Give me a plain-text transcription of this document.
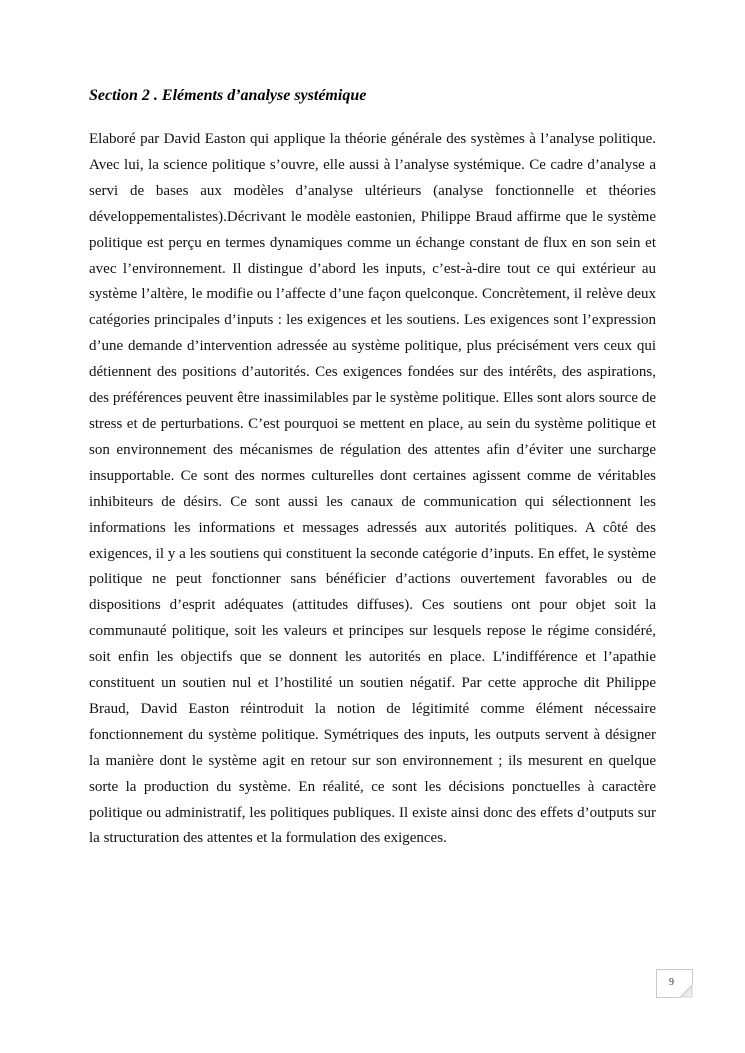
Section 2 . Eléments d’analyse systémique

Elaboré par David Easton qui applique la théorie générale des systèmes à l’analyse politique. Avec lui, la science politique s’ouvre, elle aussi à l’analyse systémique. Ce cadre d’analyse a servi de bases aux modèles d’analyse ultérieurs (analyse fonctionnelle et théories développementalistes).Décrivant le modèle eastonien, Philippe Braud affirme que le système politique est perçu en termes dynamiques comme un échange constant de flux en son sein et avec l’environnement. Il distingue d’abord les inputs, c’est-à-dire tout ce qui extérieur au système l’altère, le modifie ou l’affecte d’une façon quelconque. Concrètement, il relève deux catégories principales d’inputs : les exigences et les soutiens. Les exigences sont l’expression d’une demande d’intervention adressée au système politique, plus précisément vers ceux qui détiennent des positions d’autorités. Ces exigences fondées sur des intérêts, des aspirations, des préférences peuvent être inassimilables par le système politique. Elles sont alors source de stress et de perturbations. C’est pourquoi se mettent en place, au sein du système politique et son environnement des mécanismes de régulation des attentes afin d’éviter une surcharge insupportable. Ce sont des normes culturelles dont certaines agissent comme de véritables inhibiteurs de désirs. Ce sont aussi les canaux de communication qui sélectionnent les informations les informations et messages adressés aux autorités politiques. A côté des exigences, il y a les soutiens qui constituent la seconde catégorie d’inputs. En effet, le système politique ne peut fonctionner sans bénéficier d’actions ouvertement favorables ou de dispositions d’esprit adéquates (attitudes diffuses). Ces soutiens ont pour objet soit la communauté politique, soit les valeurs et principes sur lesquels repose le régime considéré, soit enfin les objectifs que se donnent les autorités en place. L’indifférence et l’apathie constituent un soutien nul et l’hostilité un soutien négatif. Par cette approche dit Philippe Braud, David Easton réintroduit la notion de légitimité comme élément nécessaire fonctionnement du système politique. Symétriques des inputs, les outputs servent à désigner la manière dont le système agit en retour sur son environnement ; ils mesurent en quelque sorte la production du système. En réalité, ce sont les décisions ponctuelles à caractère politique ou administratif, les politiques publiques. Il existe ainsi donc des effets d’outputs sur la structuration des attentes et la formulation des exigences.

9
